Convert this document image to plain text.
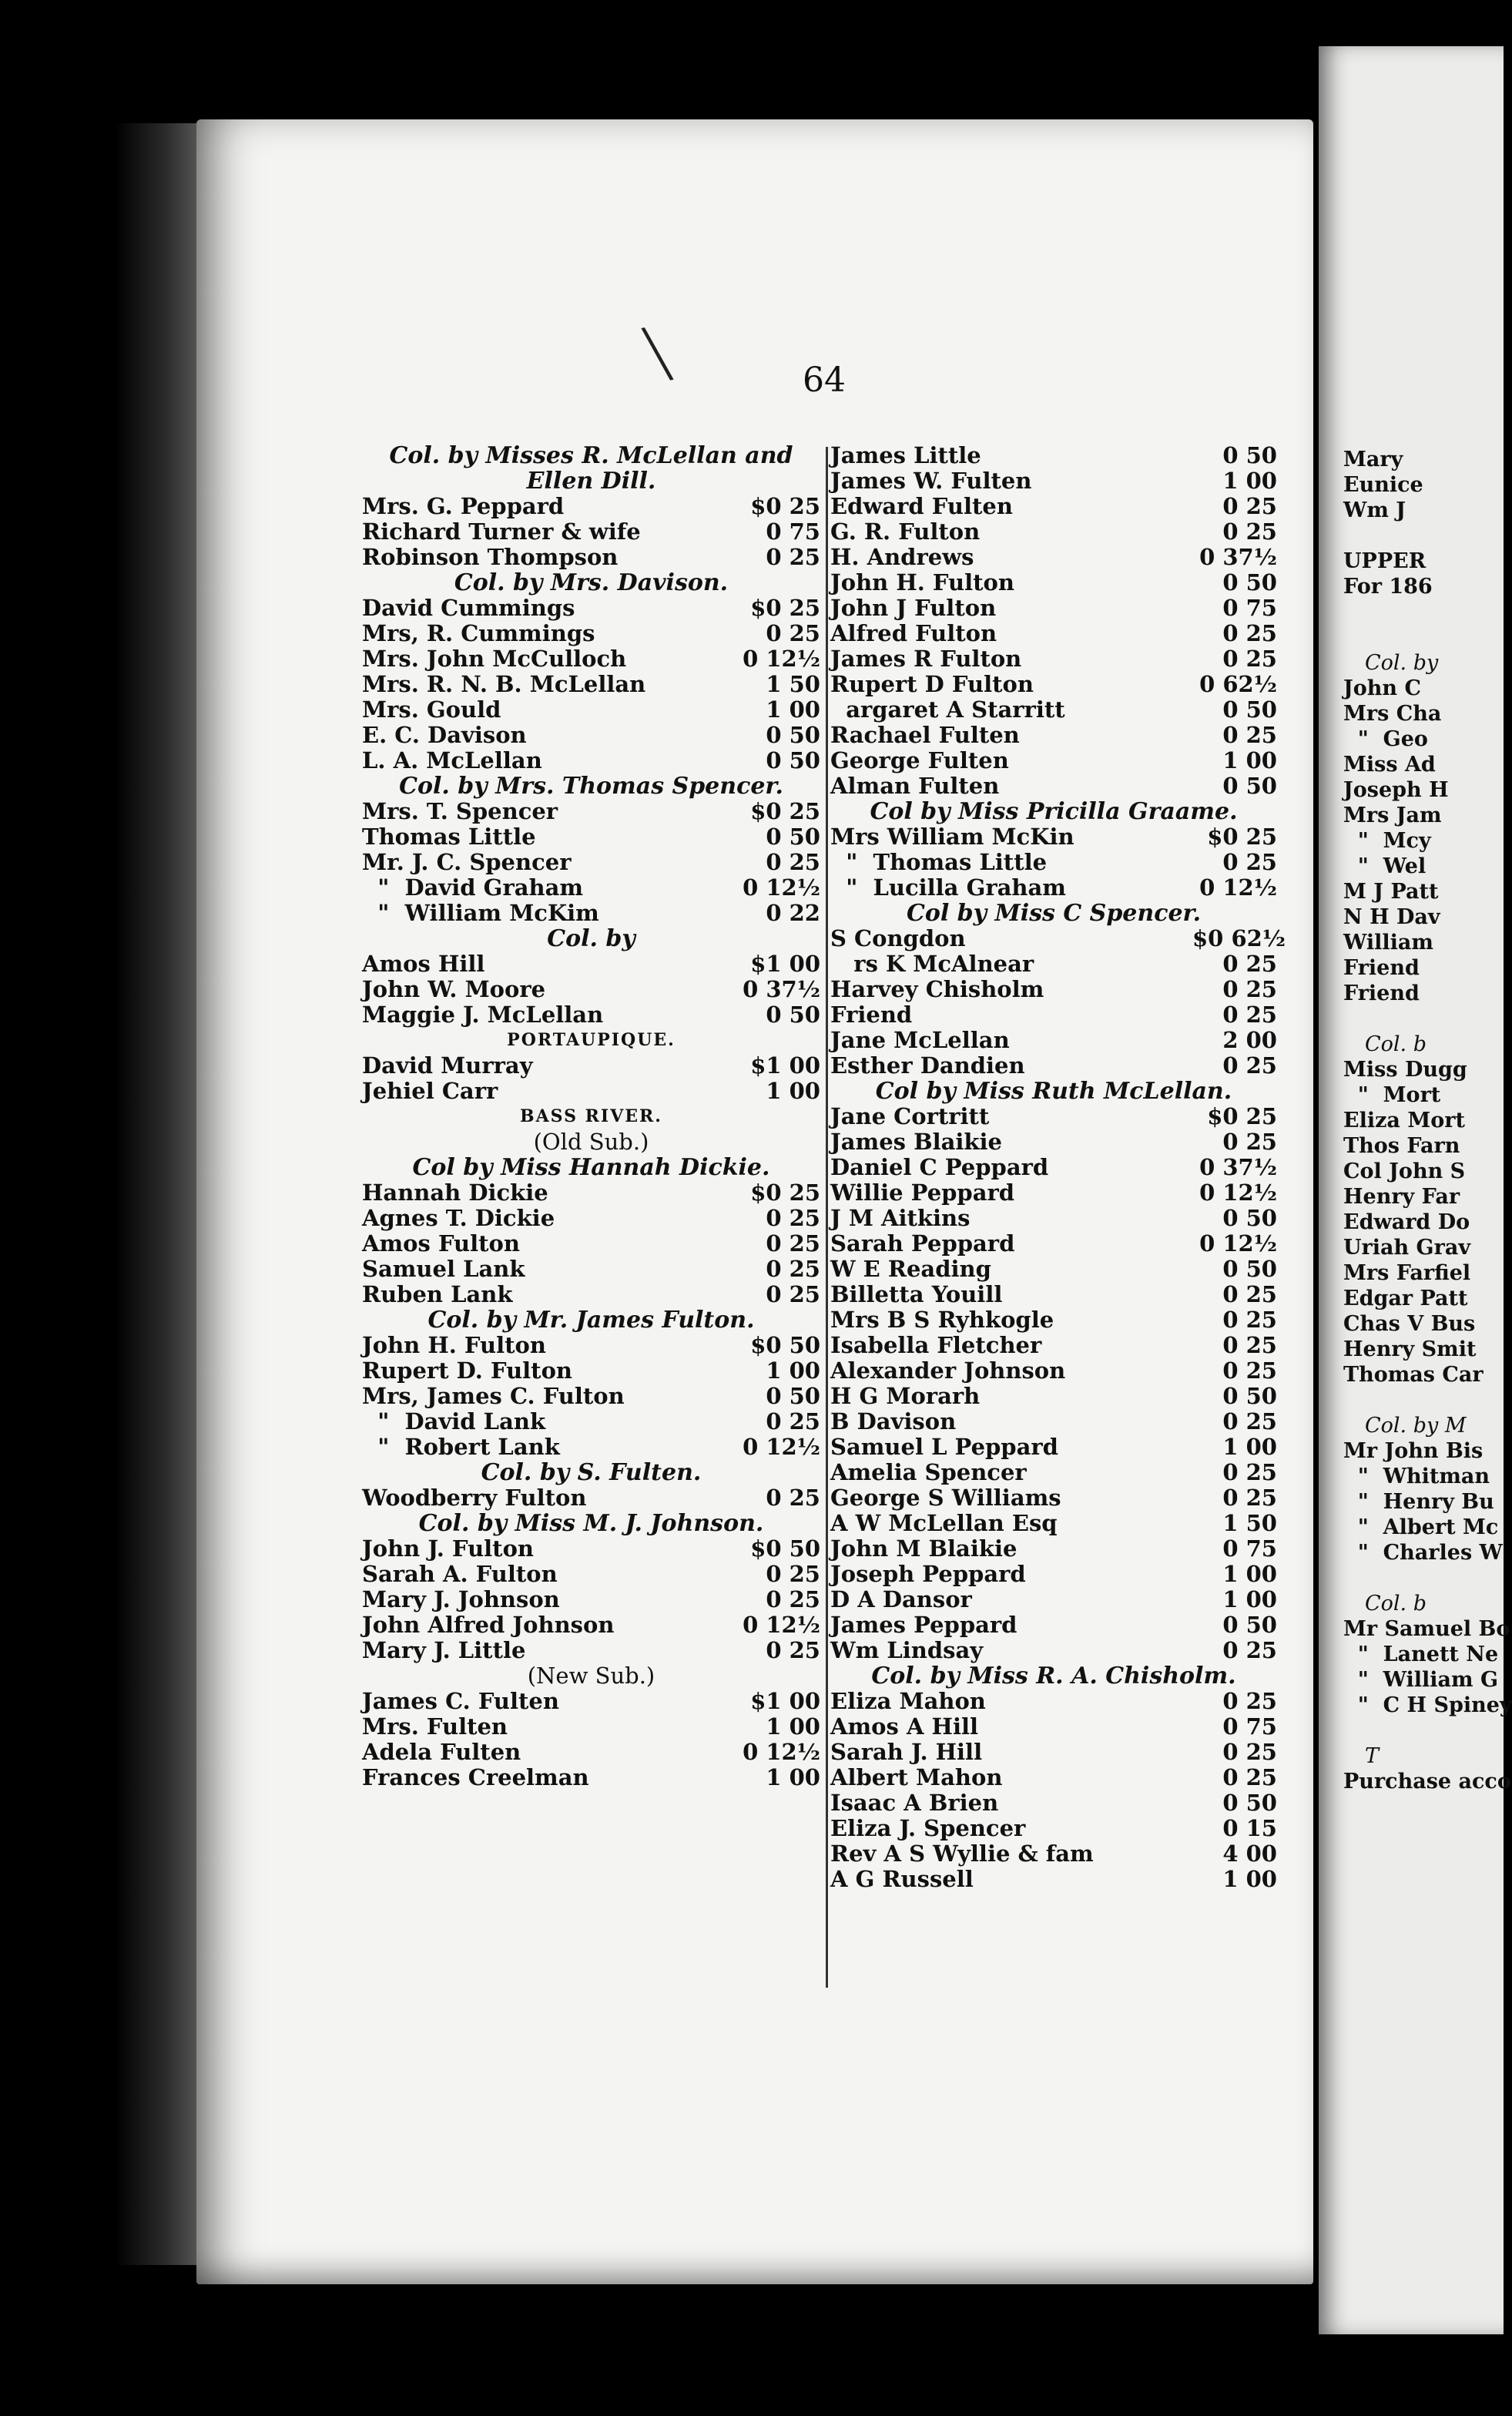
Mary
Eunice
Wm J
UPPER
For 186
Col. by
John C
Mrs Cha
"  Geo
Miss Ad
Joseph H
Mrs Jam
"  Mcy
"  Wel
M J Patt
N H Dav
William
Friend
Friend
Col. b
Miss Dugg
"  Mort
Eliza Mort
Thos Farn
Col John S
Henry Far
Edward Do
Uriah Grav
Mrs Farfiel
Edgar Patt
Chas V Bus
Henry Smit
Thomas Car
Col. by M
Mr John Bis
"  Whitman
"  Henry Bu
"  Albert Mc
"  Charles W
Col. b
Mr Samuel Bo
"  Lanett Ne
"  William G
"  C H Spiney
T
Purchase acco
\	64
Col. by Misses R. McLellan and
Ellen Dill.
Mrs. G. Peppard	$0 25
Richard Turner & wife	0 75
Robinson Thompson	0 25
Col. by Mrs. Davison.
David Cummings	$0 25
Mrs, R. Cummings	0 25
Mrs. John McCulloch	0 12½
Mrs. R. N. B. McLellan	1 50
Mrs. Gould	1 00
E. C. Davison	0 50
L. A. McLellan	0 50
Col. by Mrs. Thomas Spencer.
Mrs. T. Spencer	$0 25
Thomas Little	0 50
Mr. J. C. Spencer	0 25
"  David Graham	0 12½
"  William McKim	0 22
Col. by
Amos Hill	$1 00
John W. Moore	0 37½
Maggie J. McLellan	0 50
PORTAUPIQUE.
David Murray	$1 00
Jehiel Carr	1 00
BASS RIVER.
(Old Sub.)
Col by Miss Hannah Dickie.
Hannah Dickie	$0 25
Agnes T. Dickie	0 25
Amos Fulton	0 25
Samuel Lank	0 25
Ruben Lank	0 25
Col. by Mr. James Fulton.
John H. Fulton	$0 50
Rupert D. Fulton	1 00
Mrs, James C. Fulton	0 50
"  David Lank	0 25
"  Robert Lank	0 12½
Col. by S. Fulten.
Woodberry Fulton	0 25
Col. by Miss M. J. Johnson.
John J. Fulton	$0 50
Sarah A. Fulton	0 25
Mary J. Johnson	0 25
John Alfred Johnson	0 12½
Mary J. Little	0 25
(New Sub.)
James C. Fulten	$1 00
Mrs. Fulten	1 00
Adela Fulten	0 12½
Frances Creelman	1 00
James Little	0 50
James W. Fulten	1 00
Edward Fulten	0 25
G. R. Fulton	0 25
H. Andrews	0 37½
John H. Fulton	0 50
John J Fulton	0 75
Alfred Fulton	0 25
James R Fulton	0 25
Rupert D Fulton	0 62½
argaret A Starritt	0 50
Rachael Fulten	0 25
George Fulten	1 00
Alman Fulten	0 50
Col by Miss Pricilla Graame.
Mrs William McKin	$0 25
"  Thomas Little	0 25
"  Lucilla Graham	0 12½
Col by Miss C Spencer.
S Congdon	$0 62½
rs K McAlnear	0 25
Harvey Chisholm	0 25
Friend	0 25
Jane McLellan	2 00
Esther Dandien	0 25
Col by Miss Ruth McLellan.
Jane Cortritt	$0 25
James Blaikie	0 25
Daniel C Peppard	0 37½
Willie Peppard	0 12½
J M Aitkins	0 50
Sarah Peppard	0 12½
W E Reading	0 50
Billetta Youill	0 25
Mrs B S Ryhkogle	0 25
Isabella Fletcher	0 25
Alexander Johnson	0 25
H G Morarh	0 50
B Davison	0 25
Samuel L Peppard	1 00
Amelia Spencer	0 25
George S Williams	0 25
A W McLellan Esq	1 50
John M Blaikie	0 75
Joseph Peppard	1 00
D A Dansor	1 00
James Peppard	0 50
Wm Lindsay	0 25
Col. by Miss R. A. Chisholm.
Eliza Mahon	0 25
Amos A Hill	0 75
Sarah J. Hill	0 25
Albert Mahon	0 25
Isaac A Brien	0 50
Eliza J. Spencer	0 15
Rev A S Wyllie & fam	4 00
A G Russell	1 00
